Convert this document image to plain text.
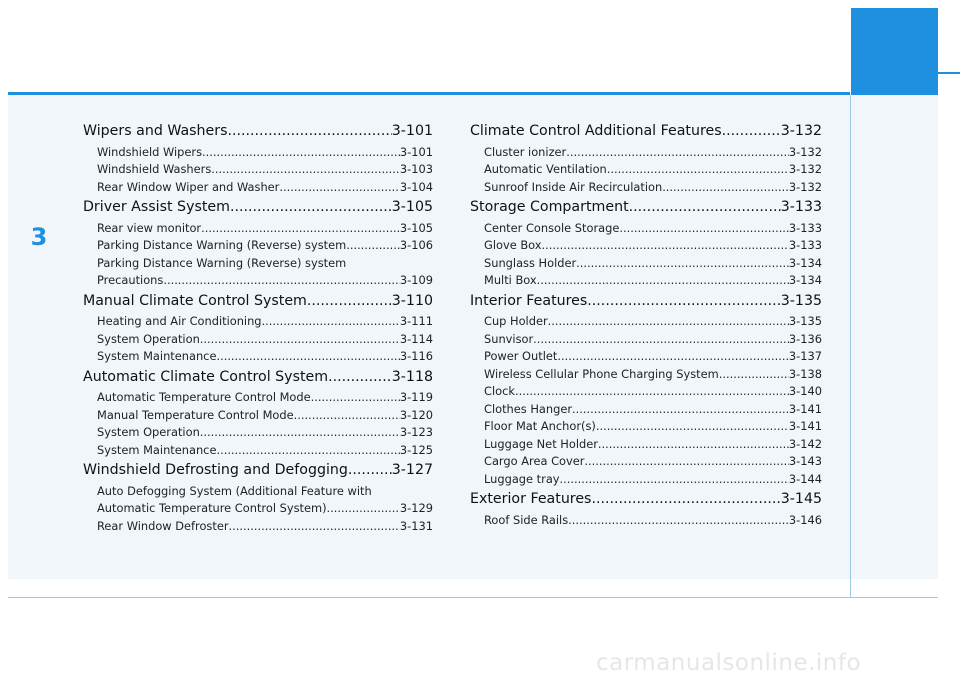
3
Wipers and Washers .....	3-101
Windshield Wipers .....	3-101
Windshield Washers .....	3-103
Rear Window Wiper and Washer .....	3-104
Driver Assist System .....	3-105
Rear view monitor .....	3-105
Parking Distance Warning (Reverse) system .....	3-106
Parking Distance Warning (Reverse) system
Precautions .....	3-109
Manual Climate Control System .....	3-110
Heating and Air Conditioning .....	3-111
System Operation .....	3-114
System Maintenance .....	3-116
Automatic Climate Control System .....	3-118
Automatic Temperature Control Mode .....	3-119
Manual Temperature Control Mode .....	3-120
System Operation .....	3-123
System Maintenance .....	3-125
Windshield Defrosting and Defogging .....	3-127
Auto Defogging System (Additional Feature with
Automatic Temperature Control System) .....	3-129
Rear Window Defroster .....	3-131
Climate Control Additional Features .....	3-132
Cluster ionizer .....	3-132
Automatic Ventilation .....	3-132
Sunroof Inside Air Recirculation .....	3-132
Storage Compartment .....	3-133
Center Console Storage .....	3-133
Glove Box .....	3-133
Sunglass Holder .....	3-134
Multi Box .....	3-134
Interior Features .....	3-135
Cup Holder .....	3-135
Sunvisor .....	3-136
Power Outlet .....	3-137
Wireless Cellular Phone Charging System .....	3-138
Clock .....	3-140
Clothes Hanger .....	3-141
Floor Mat Anchor(s) .....	3-141
Luggage Net Holder .....	3-142
Cargo Area Cover .....	3-143
Luggage tray .....	3-144
Exterior Features .....	3-145
Roof Side Rails .....	3-146
carmanualsonline.info
